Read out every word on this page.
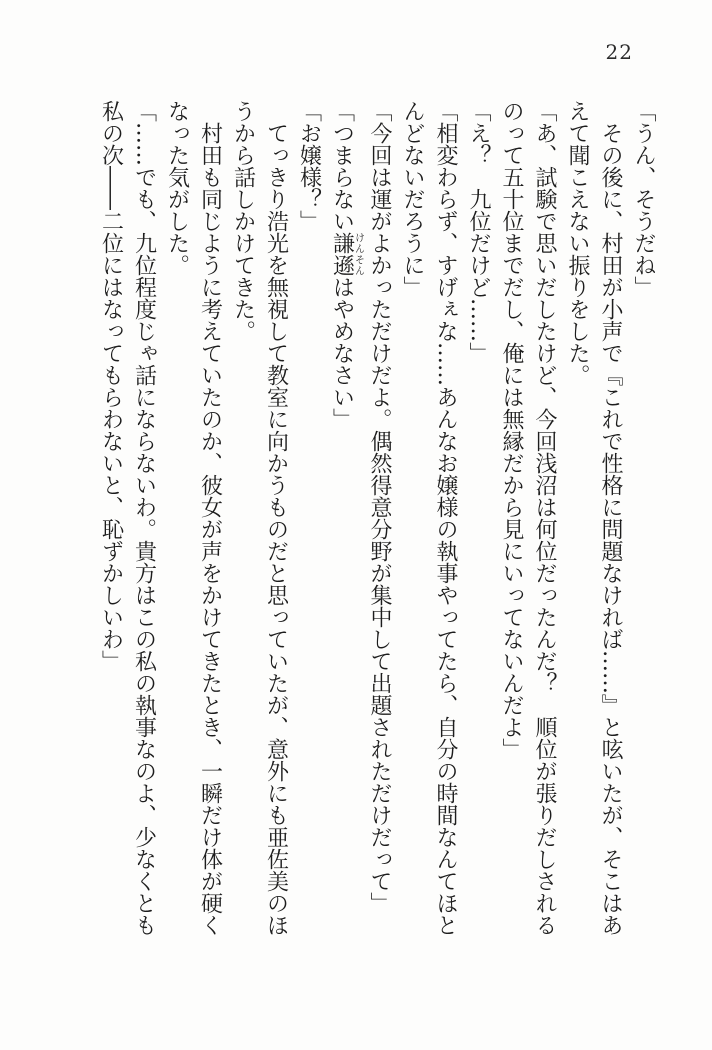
22

「うん、そうだね」

その後に、村田が小声で『これで性格に問題なければ……』と呟いたが、そこはあえて聞こえない振りをした。

「あ、試験で思いだしたけど、今回浅沼は何位だったんだ？　順位が張りだしされるのって五十位までだし、俺には無縁だから見にいってないんだよ」

「え？　九位だけど……」

「相変わらず、すげぇな……あんなお嬢様の執事やってたら、自分の時間なんてほとんどないだろうに」

「今回は運がよかっただけだよ。偶然得意分野が集中して出題されただけだって」

「つまらない謙遜けんそんはやめなさい」

「お嬢様？」

てっきり浩光を無視して教室に向かうものだと思っていたが、意外にも亜佐美のほうから話しかけてきた。

村田も同じように考えていたのか、彼女が声をかけてきたとき、一瞬だけ体が硬くなった気がした。

「……でも、九位程度じゃ話にならないわ。貴方はこの私の執事なのよ、少なくとも私の次――二位にはなってもらわないと、恥ずかしいわ」
